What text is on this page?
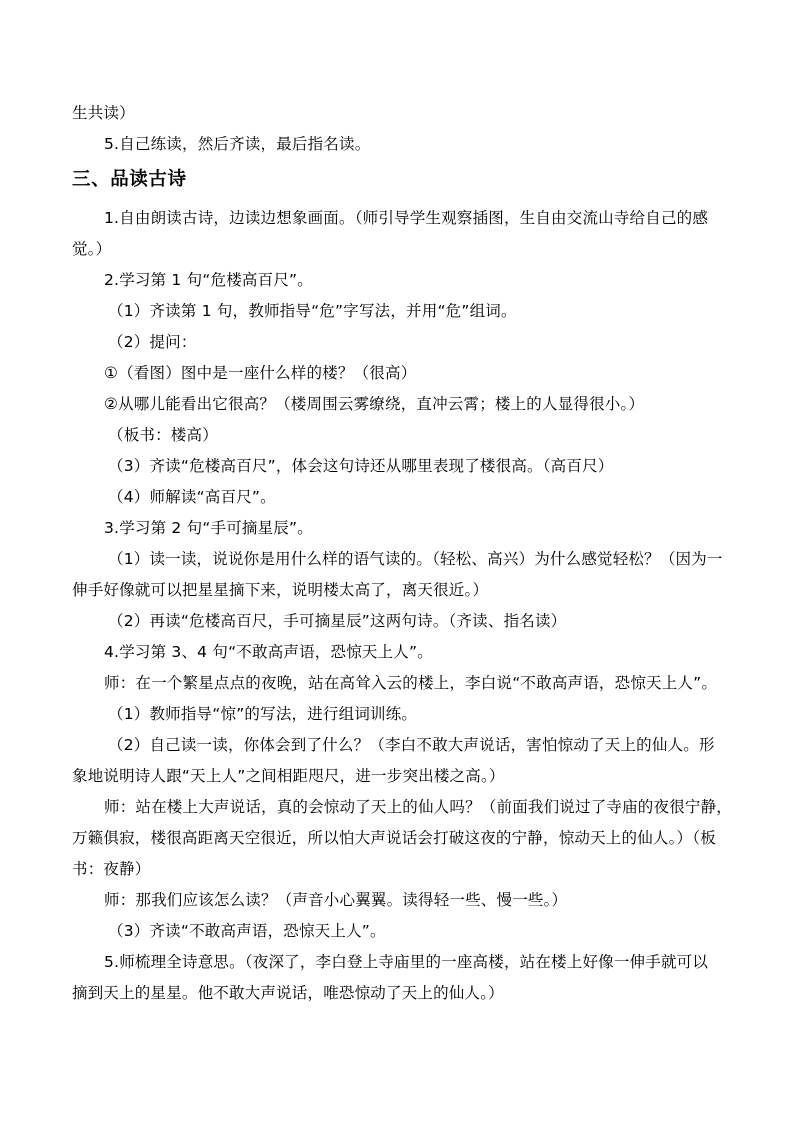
生共读）
5.自己练读，然后齐读，最后指名读。
三、品读古诗
1.自由朗读古诗，边读边想象画面。（师引导学生观察插图，生自由交流山寺给自己的感
觉。）
2.学习第 1 句“危楼高百尺”。
（1）齐读第 1 句，教师指导“危”字写法，并用“危”组词。
（2）提问：
①（看图）图中是一座什么样的楼？（很高）
②从哪儿能看出它很高？（楼周围云雾缭绕，直冲云霄；楼上的人显得很小。）
（板书：楼高）
（3）齐读“危楼高百尺”，体会这句诗还从哪里表现了楼很高。（高百尺）
（4）师解读“高百尺”。
3.学习第 2 句“手可摘星辰”。
（1）读一读，说说你是用什么样的语气读的。（轻松、高兴）为什么感觉轻松？（因为一
伸手好像就可以把星星摘下来，说明楼太高了，离天很近。）
（2）再读“危楼高百尺，手可摘星辰”这两句诗。（齐读、指名读）
4.学习第 3、4 句“不敢高声语，恐惊天上人”。
师：在一个繁星点点的夜晚，站在高耸入云的楼上，李白说“不敢高声语，恐惊天上人”。
（1）教师指导“惊”的写法，进行组词训练。
（2）自己读一读，你体会到了什么？（李白不敢大声说话，害怕惊动了天上的仙人。形
象地说明诗人跟“天上人”之间相距咫尺，进一步突出楼之高。）
师：站在楼上大声说话，真的会惊动了天上的仙人吗？（前面我们说过了寺庙的夜很宁静，
万籁俱寂，楼很高距离天空很近，所以怕大声说话会打破这夜的宁静，惊动天上的仙人。）（板
书：夜静）
师：那我们应该怎么读？（声音小心翼翼。读得轻一些、慢一些。）
（3）齐读“不敢高声语，恐惊天上人”。
5.师梳理全诗意思。（夜深了，李白登上寺庙里的一座高楼，站在楼上好像一伸手就可以
摘到天上的星星。他不敢大声说话，唯恐惊动了天上的仙人。）
